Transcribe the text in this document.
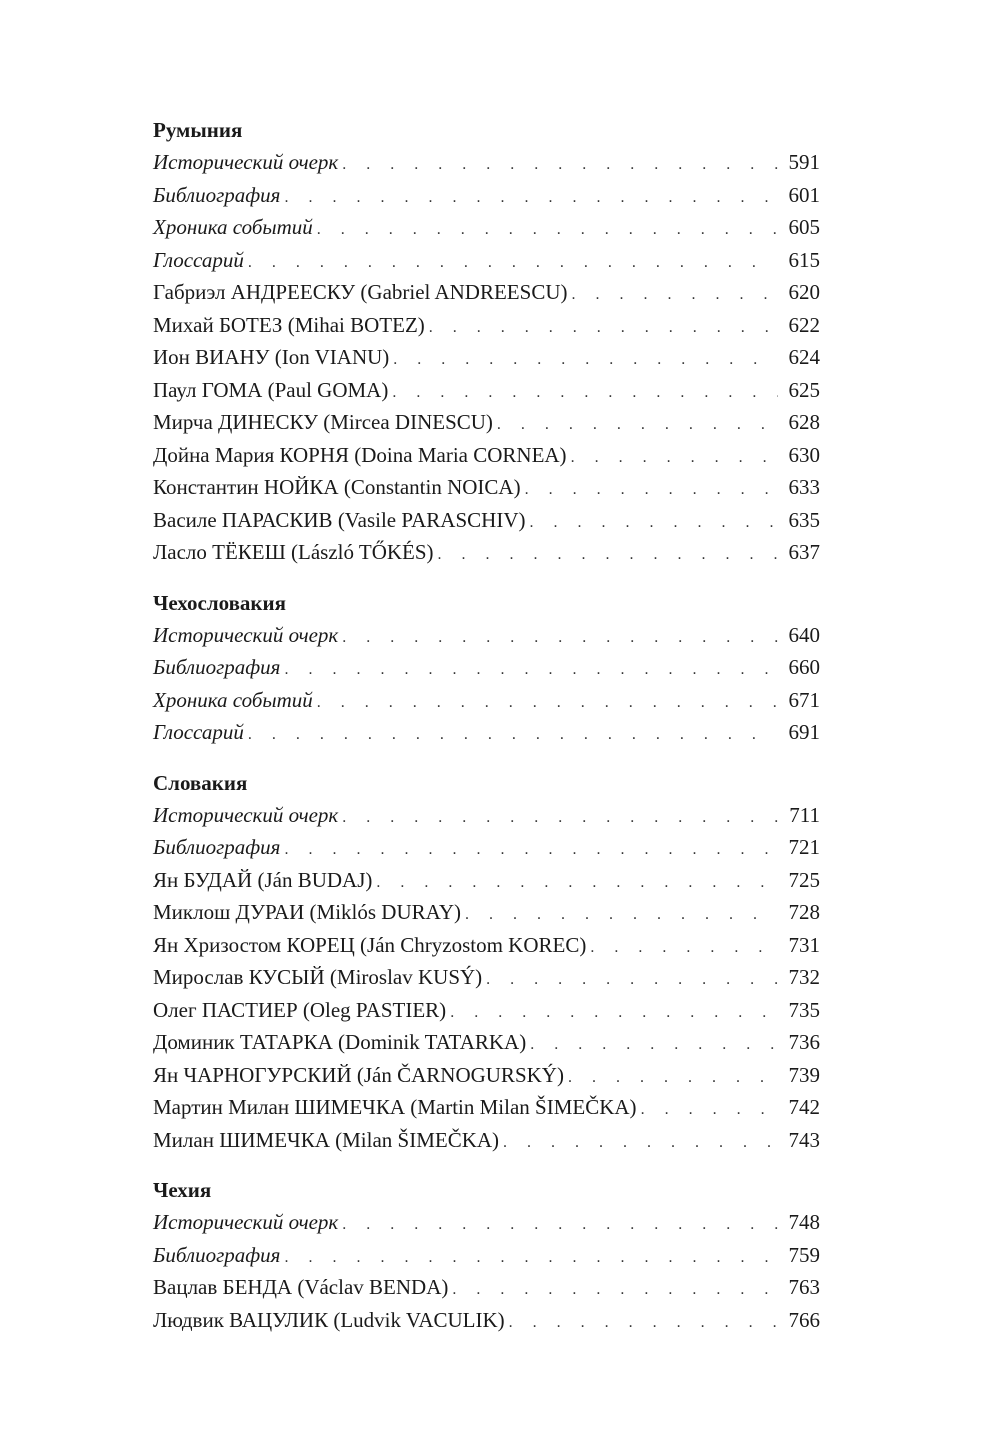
Румыния
Исторический очерк .	591
Библиография .	601
Хроника событий .	605
Глоссарий .	615
Габриэл АНДРЕЕСКУ (Gabriel ANDREESCU) .	620
Михай БОТЕЗ (Mihai BOTEZ) .	622
Ион ВИАНУ (Ion VIANU) .	624
Паул ГОМА (Paul GOMA) .	625
Мирча ДИНЕСКУ (Mircea DINESCU) .	628
Дойна Мария КОРНЯ (Doina Maria CORNEA) .	630
Константин НОЙКА (Constantin NOICA) .	633
Василе ПАРАСКИВ (Vasile PARASCHIV) .	635
Ласло ТЁКЕШ (László TŐKÉS) .	637
Чехословакия
Исторический очерк .	640
Библиография .	660
Хроника событий .	671
Глоссарий .	691
Словакия
Исторический очерк .	711
Библиография .	721
Ян БУДАЙ (Ján BUDAJ) .	725
Миклош ДУРАИ (Miklós DURAY) .	728
Ян Хризостом КОРЕЦ (Ján Chryzostom KOREC) .	731
Мирослав КУСЫЙ (Miroslav KUSÝ) .	732
Олег ПАСТИЕР (Oleg PASTIER) .	735
Доминик ТАТАРКА (Dominik TATARKA) .	736
Ян ЧАРНОГУРСКИЙ (Ján ČARNOGURSKÝ) .	739
Мартин Милан ШИМЕЧКА (Martin Milan ŠIMEČKA) .	742
Милан ШИМЕЧКА (Milan ŠIMEČKA) .	743
Чехия
Исторический очерк .	748
Библиография .	759
Вацлав БЕНДА (Václav BENDA) .	763
Людвик ВАЦУЛИК (Ludvik VACULIK) .	766
